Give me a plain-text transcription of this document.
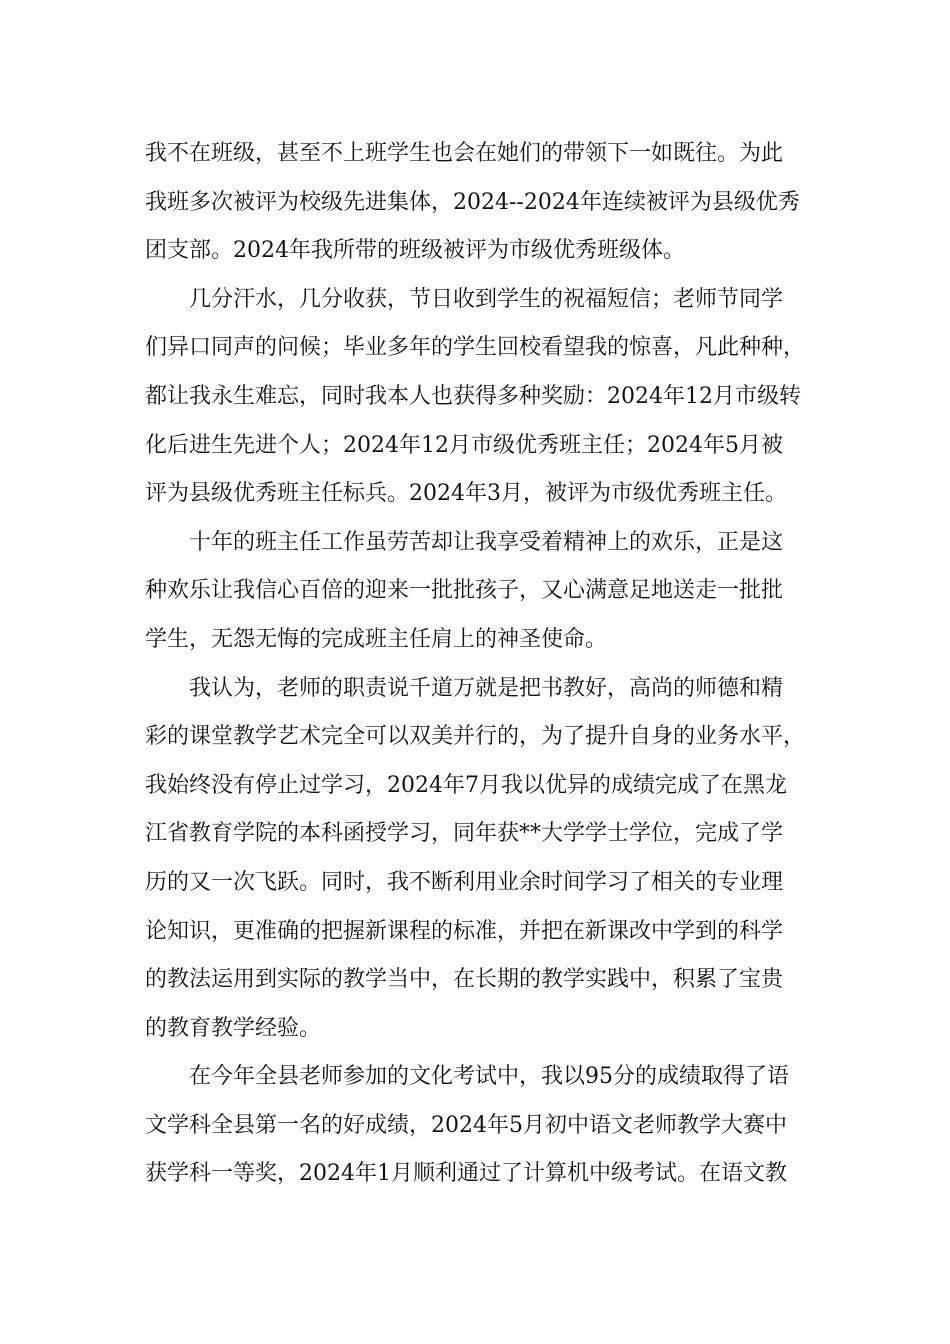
我不在班级，甚至不上班学生也会在她们的带领下一如既往。为此
我班多次被评为校级先进集体，2024--2024年连续被评为县级优秀
团支部。2024年我所带的班级被评为市级优秀班级体。
几分汗水，几分收获，节日收到学生的祝福短信；老师节同学
们异口同声的问候；毕业多年的学生回校看望我的惊喜，凡此种种，
都让我永生难忘，同时我本人也获得多种奖励：2024年12月市级转
化后进生先进个人；2024年12月市级优秀班主任；2024年5月被
评为县级优秀班主任标兵。2024年3月，被评为市级优秀班主任。
十年的班主任工作虽劳苦却让我享受着精神上的欢乐，正是这
种欢乐让我信心百倍的迎来一批批孩子，又心满意足地送走一批批
学生，无怨无悔的完成班主任肩上的神圣使命。
我认为，老师的职责说千道万就是把书教好，高尚的师德和精
彩的课堂教学艺术完全可以双美并行的，为了提升自身的业务水平，
我始终没有停止过学习，2024年7月我以优异的成绩完成了在黑龙
江省教育学院的本科函授学习，同年获**大学学士学位，完成了学
历的又一次飞跃。同时，我不断利用业余时间学习了相关的专业理
论知识，更准确的把握新课程的标准，并把在新课改中学到的科学
的教法运用到实际的教学当中，在长期的教学实践中，积累了宝贵
的教育教学经验。
在今年全县老师参加的文化考试中，我以95分的成绩取得了语
文学科全县第一名的好成绩，2024年5月初中语文老师教学大赛中
获学科一等奖，2024年1月顺利通过了计算机中级考试。在语文教
